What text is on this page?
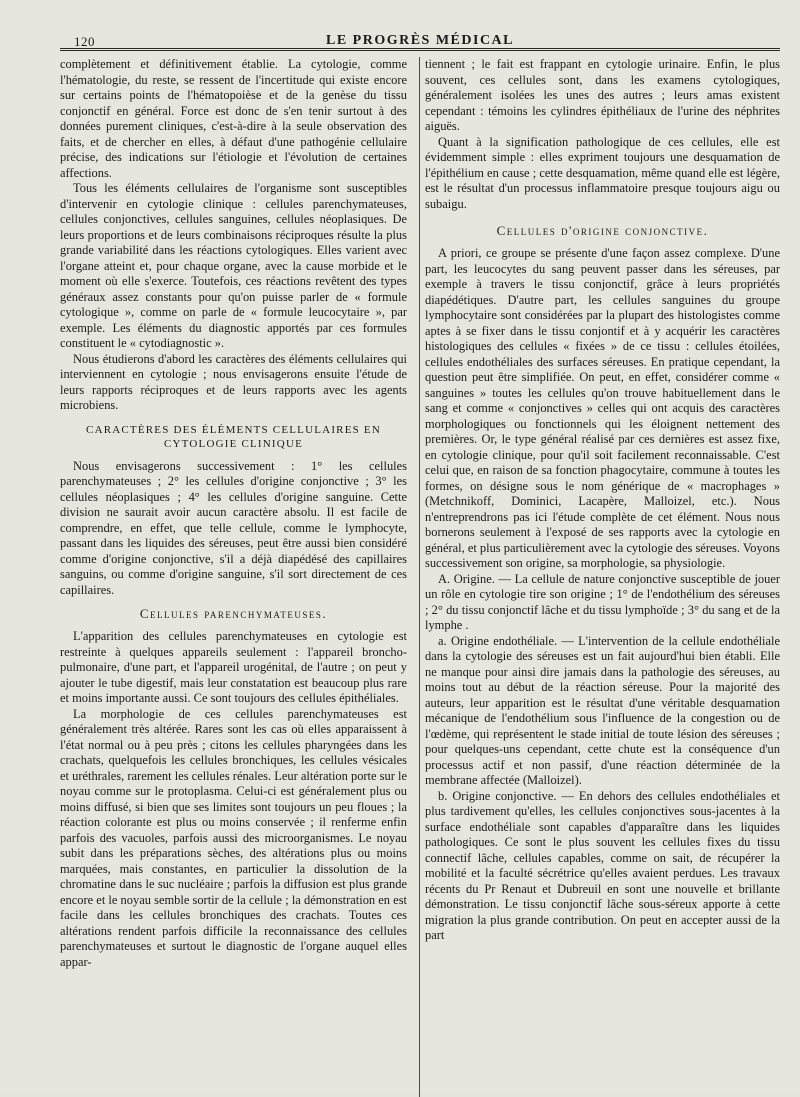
120	LE PROGRÈS MÉDICAL

complètement et définitivement établie. La cytologie, comme l'hématologie, du reste, se ressent de l'incertitude qui existe encore sur certains points de l'hématopoièse et de la genèse du tissu conjonctif en général. Force est donc de s'en tenir surtout à des données purement cliniques, c'est-à-dire à la seule observation des faits, et de chercher en elles, à défaut d'une pathogénie cellulaire précise, des indications sur l'étiologie et l'évolution de certaines affections.

Tous les éléments cellulaires de l'organisme sont susceptibles d'intervenir en cytologie clinique : cellules parenchymateuses, cellules conjonctives, cellules sanguines, cellules néoplasiques. De leurs proportions et de leurs combinaisons réciproques résulte la plus grande variabilité dans les réactions cytologiques. Elles varient avec l'organe atteint et, pour chaque organe, avec la cause morbide et le moment où elle s'exerce. Toutefois, ces réactions revêtent des types généraux assez constants pour qu'on puisse parler de « formule cytologique », comme on parle de « formule leucocytaire », par exemple. Les éléments du diagnostic apportés par ces formules constituent le « cytodiagnostic ».

Nous étudierons d'abord les caractères des éléments cellulaires qui interviennent en cytologie ; nous envisagerons ensuite l'étude de leurs rapports réciproques et de leurs rapports avec les agents microbiens.

CARACTÈRES DES ÉLÉMENTS CELLULAIRES EN CYTOLOGIE CLINIQUE

Nous envisagerons successivement : 1° les cellules parenchymateuses ; 2° les cellules d'origine conjonctive ; 3° les cellules néoplasiques ; 4° les cellules d'origine sanguine. Cette division ne saurait avoir aucun caractère absolu. Il est facile de comprendre, en effet, que telle cellule, comme le lymphocyte, passant dans les liquides des séreuses, peut être aussi bien considéré comme d'origine conjonctive, s'il a déjà diapédésé des capillaires sanguins, ou comme d'origine sanguine, s'il sort directement de ces capillaires.

Cellules parenchymateuses.

L'apparition des cellules parenchymateuses en cytologie est restreinte à quelques appareils seulement : l'appareil broncho-pulmonaire, d'une part, et l'appareil urogénital, de l'autre ; on peut y ajouter le tube digestif, mais leur constatation est beaucoup plus rare et moins importante aussi. Ce sont toujours des cellules épithéliales.

La morphologie de ces cellules parenchymateuses est généralement très altérée. Rares sont les cas où elles apparaissent à l'état normal ou à peu près ; citons les cellules pharyngées dans les crachats, quelquefois les cellules bronchiques, les cellules vésicales et uréthrales, rarement les cellules rénales. Leur altération porte sur le noyau comme sur le protoplasma. Celui-ci est généralement plus ou moins diffusé, si bien que ses limites sont toujours un peu floues ; la réaction colorante est plus ou moins conservée ; il renferme enfin parfois des vacuoles, parfois aussi des microorganismes. Le noyau subit dans les préparations sèches, des altérations plus ou moins marquées, mais constantes, en particulier la dissolution de la chromatine dans le suc nucléaire ; parfois la diffusion est plus grande encore et le noyau semble sortir de la cellule ; la démonstration en est facile dans les cellules bronchiques des crachats. Toutes ces altérations rendent parfois difficile la reconnaissance des cellules parenchymateuses et surtout le diagnostic de l'organe auquel elles appar-

tiennent ; le fait est frappant en cytologie urinaire. Enfin, le plus souvent, ces cellules sont, dans les examens cytologiques, généralement isolées les unes des autres ; leurs amas existent cependant : témoins les cylindres épithéliaux de l'urine des néphrites aiguës.

Quant à la signification pathologique de ces cellules, elle est évidemment simple : elles expriment toujours une desquamation de l'épithélium en cause ; cette desquamation, même quand elle est légère, est le résultat d'un processus inflammatoire presque toujours aigu ou subaigu.

Cellules d'origine conjonctive.

A priori, ce groupe se présente d'une façon assez complexe. D'une part, les leucocytes du sang peuvent passer dans les séreuses, par exemple à travers le tissu conjonctif, grâce à leurs propriétés diapédétiques. D'autre part, les cellules sanguines du groupe lymphocytaire sont considérées par la plupart des histologistes comme aptes à se fixer dans le tissu conjontif et à y acquérir les caractères histologiques des cellules « fixées » de ce tissu : cellules étoilées, cellules endothéliales des surfaces séreuses. En pratique cependant, la question peut être simplifiée. On peut, en effet, considérer comme « sanguines » toutes les cellules qu'on trouve habituellement dans le sang et comme « conjonctives » celles qui ont acquis des caractères morphologiques ou fonctionnels qui les éloignent nettement des premières. Or, le type général réalisé par ces dernières est assez fixe, en cytologie clinique, pour qu'il soit facilement reconnaissable. C'est celui que, en raison de sa fonction phagocytaire, commune à toutes les formes, on désigne sous le nom générique de « macrophages » (Metchnikoff, Dominici, Lacapère, Malloizel, etc.). Nous n'entreprendrons pas ici l'étude complète de cet élément. Nous nous bornerons seulement à l'exposé de ses rapports avec la cytologie en général, et plus particulièrement avec la cytologie des séreuses. Voyons successivement son origine, sa morphologie, sa physiologie.

A. Origine. — La cellule de nature conjonctive susceptible de jouer un rôle en cytologie tire son origine ; 1° de l'endothélium des séreuses ; 2° du tissu conjonctif lâche et du tissu lymphoïde ; 3° du sang et de la lymphe .

a. Origine endothéliale. — L'intervention de la cellule endothéliale dans la cytologie des séreuses est un fait aujourd'hui bien établi. Elle ne manque pour ainsi dire jamais dans la pathologie des séreuses, au moins tout au début de la réaction séreuse. Pour la majorité des auteurs, leur apparition est le résultat d'une véritable desquamation mécanique de l'endothélium sous l'influence de la congestion ou de l'œdème, qui représentent le stade initial de toute lésion des séreuses ; pour quelques-uns cependant, cette chute est la conséquence d'un processus actif et non passif, d'une réaction déterminée de la membrane affectée (Malloizel).

b. Origine conjonctive. — En dehors des cellules endothéliales et plus tardivement qu'elles, les cellules conjonctives sous-jacentes à la surface endothéliale sont capables d'apparaître dans les liquides pathologiques. Ce sont le plus souvent les cellules fixes du tissu connectif lâche, cellules capables, comme on sait, de récupérer la mobilité et la faculté sécrétrice qu'elles avaient perdues. Les travaux récents du Pr Renaut et Dubreuil en sont une nouvelle et brillante démonstration. Le tissu conjonctif lâche sous-séreux apporte à cette migration la plus grande contribution. On peut en accepter aussi de la part
